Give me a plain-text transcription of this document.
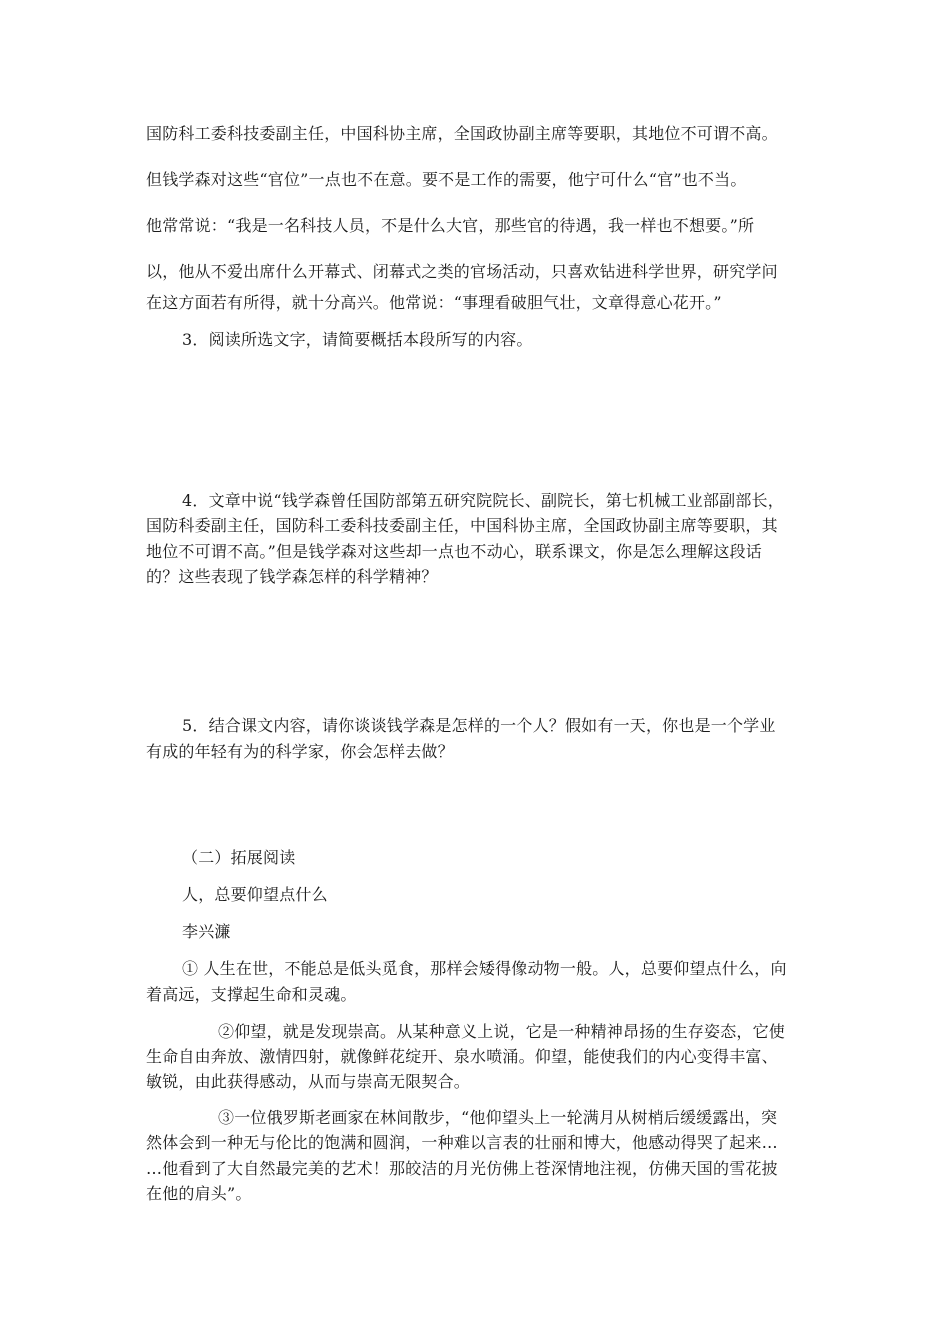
国防科工委科技委副主任，中国科协主席，全国政协副主席等要职，其地位不可谓不高。
但钱学森对这些“官位”一点也不在意。要不是工作的需要，他宁可什么“官”也不当。
他常常说：“我是一名科技人员，不是什么大官，那些官的待遇，我一样也不想要。”所
以，他从不爱出席什么开幕式、闭幕式之类的官场活动，只喜欢钻进科学世界，研究学问
在这方面若有所得，就十分高兴。他常说：“事理看破胆气壮，文章得意心花开。”
3．阅读所选文字，请简要概括本段所写的内容。
4．文章中说“钱学森曾任国防部第五研究院院长、副院长，第七机械工业部副部长，
国防科委副主任，国防科工委科技委副主任，中国科协主席，全国政协副主席等要职，其
地位不可谓不高。”但是钱学森对这些却一点也不动心，联系课文，你是怎么理解这段话
的？这些表现了钱学森怎样的科学精神？
5．结合课文内容，请你谈谈钱学森是怎样的一个人？假如有一天，你也是一个学业
有成的年轻有为的科学家，你会怎样去做？
（二）拓展阅读
人，总要仰望点什么
李兴濂
① 人生在世，不能总是低头觅食，那样会矮得像动物一般。人，总要仰望点什么，向
着高远，支撑起生命和灵魂。
②仰望，就是发现崇高。从某种意义上说，它是一种精神昂扬的生存姿态，它使
生命自由奔放、激情四射，就像鲜花绽开、泉水喷涌。仰望，能使我们的内心变得丰富、
敏锐，由此获得感动，从而与崇高无限契合。
③一位俄罗斯老画家在林间散步，“他仰望头上一轮满月从树梢后缓缓露出，突
然体会到一种无与伦比的饱满和圆润，一种难以言表的壮丽和博大，他感动得哭了起来…
…他看到了大自然最完美的艺术！那皎洁的月光仿佛上苍深情地注视，仿佛天国的雪花披
在他的肩头”。
